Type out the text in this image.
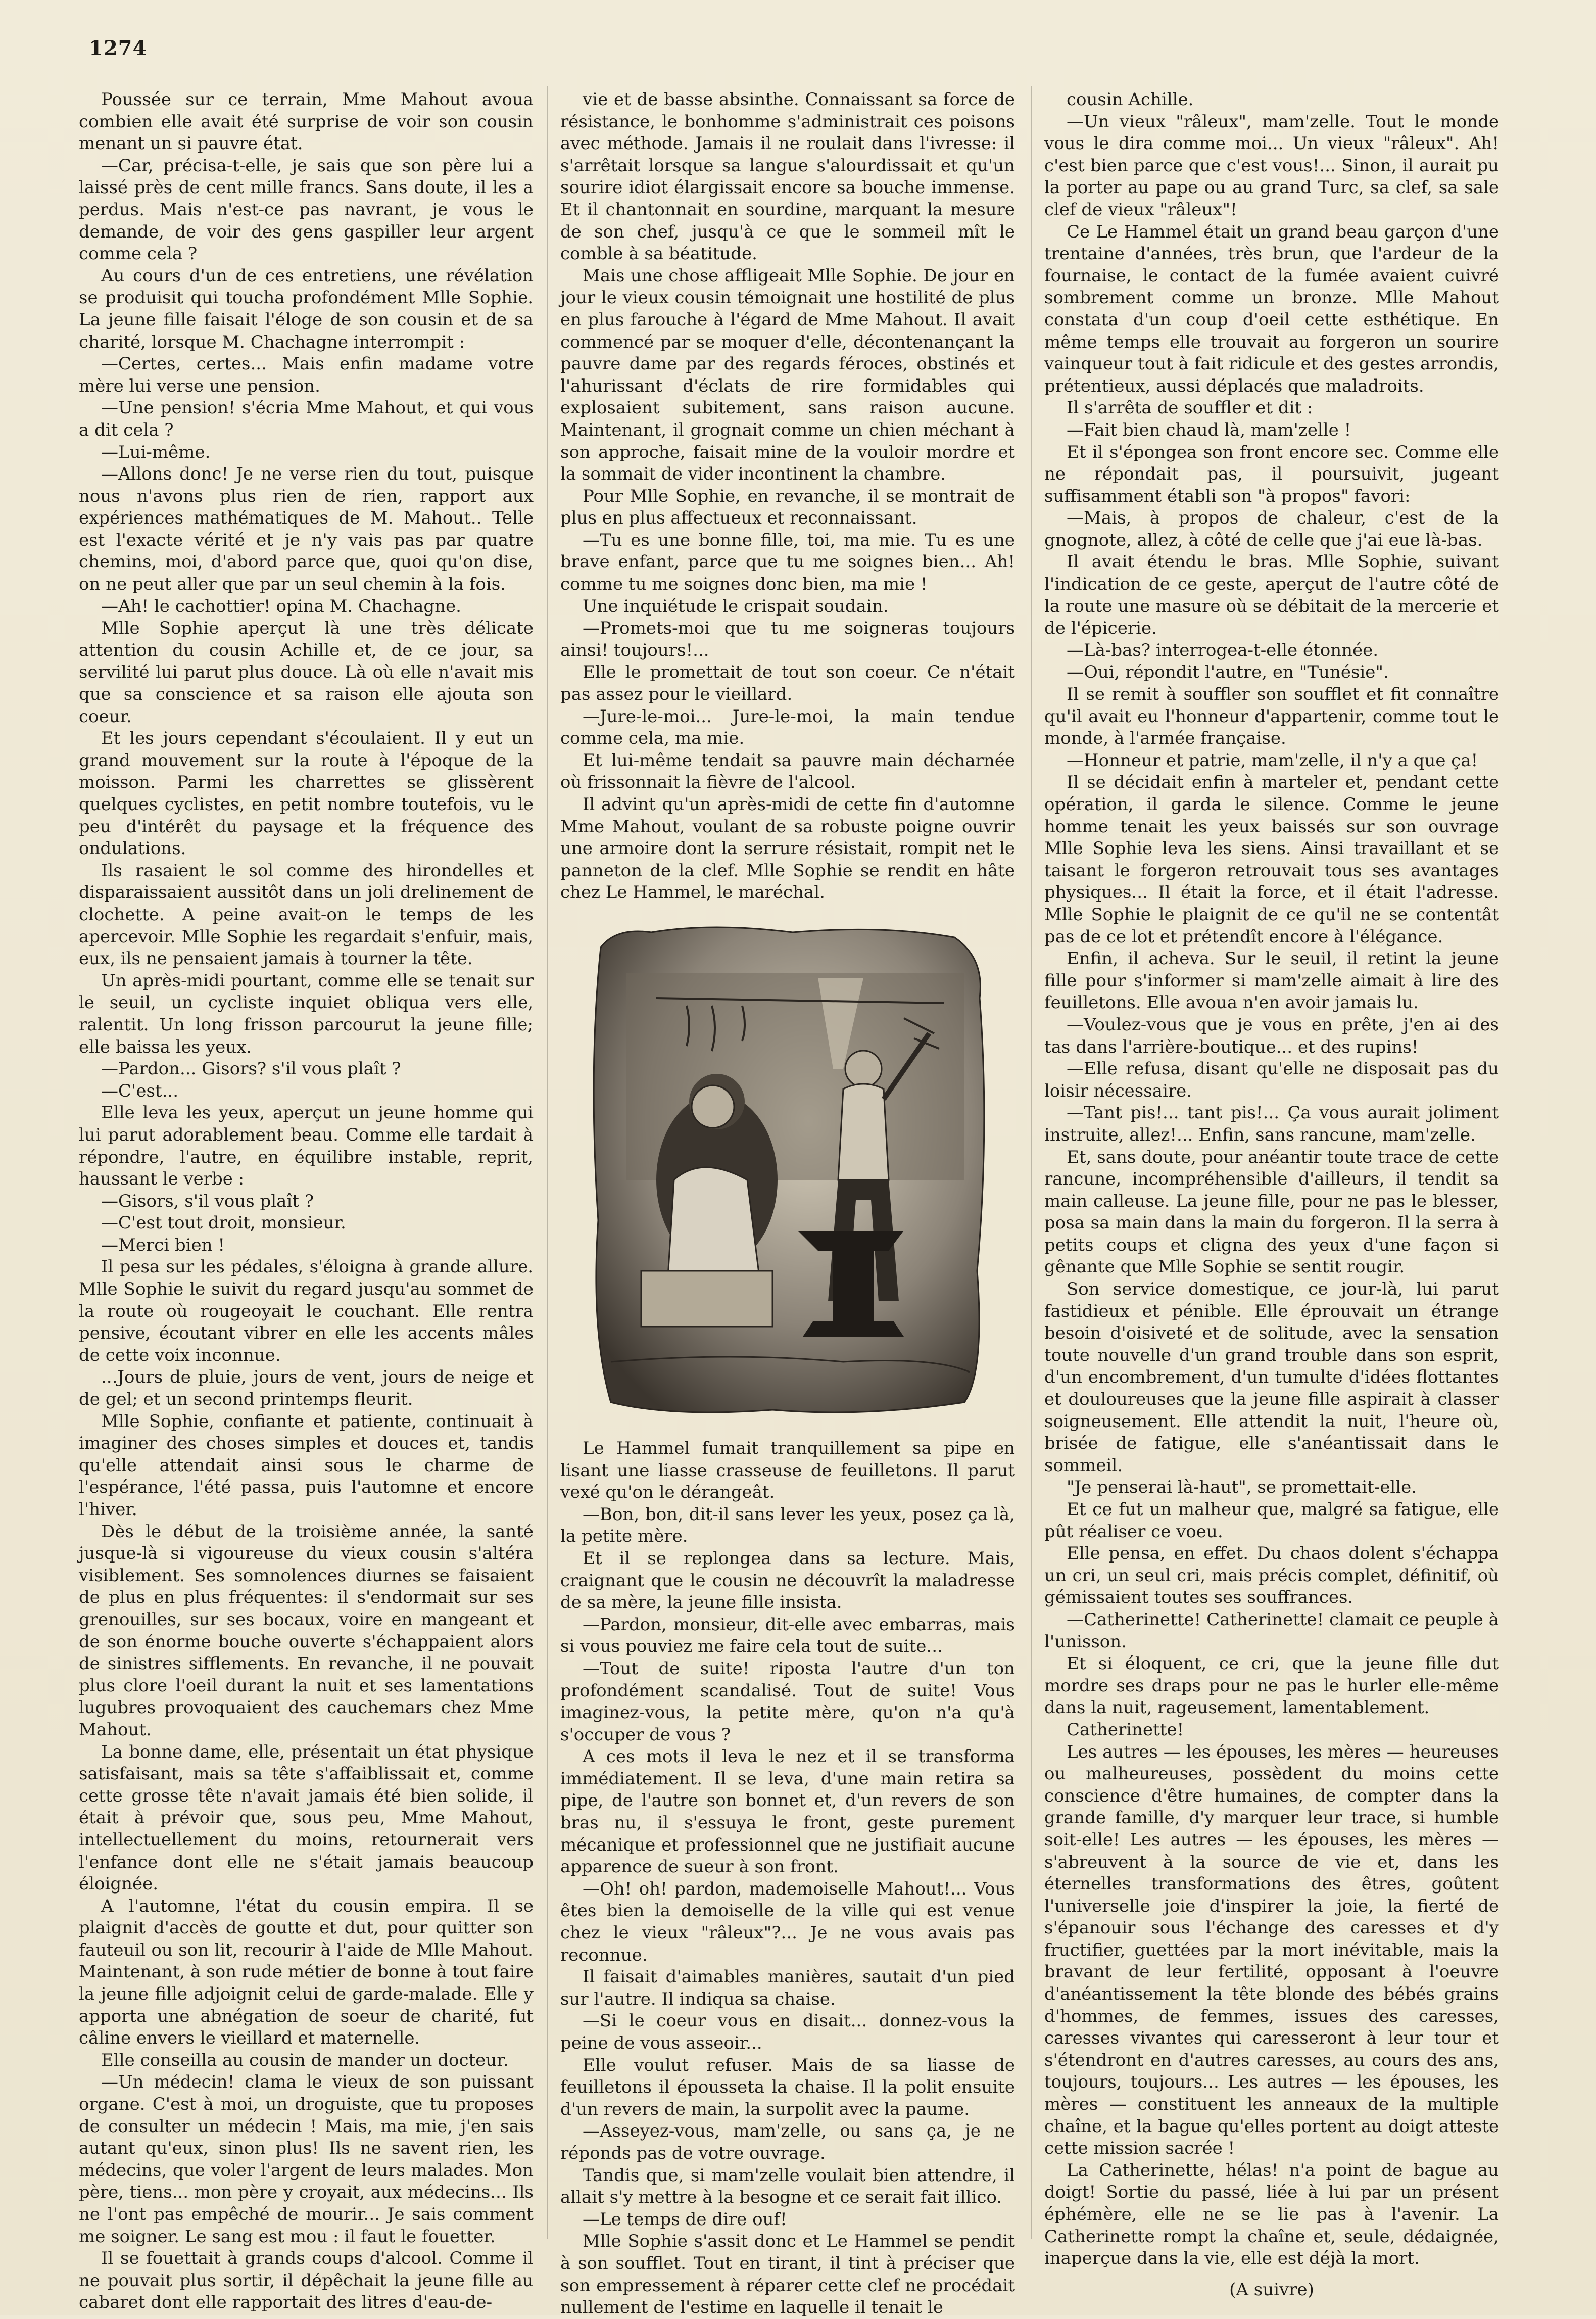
1274

Poussée sur ce terrain, Mme Mahout avoua combien elle avait été surprise de voir son cousin menant un si pauvre état.

—Car, précisa-t-elle, je sais que son père lui a laissé près de cent mille francs. Sans doute, il les a perdus. Mais n'est-ce pas navrant, je vous le demande, de voir des gens gaspiller leur argent comme cela ?

Au cours d'un de ces entretiens, une révélation se produisit qui toucha profondément Mlle Sophie. La jeune fille faisait l'éloge de son cousin et de sa charité, lorsque M. Chachagne interrompit :

—Certes, certes... Mais enfin madame votre mère lui verse une pension.

—Une pension! s'écria Mme Mahout, et qui vous a dit cela ?

—Lui-même.

—Allons donc! Je ne verse rien du tout, puisque nous n'avons plus rien de rien, rapport aux expériences mathématiques de M. Mahout.. Telle est l'exacte vérité et je n'y vais pas par quatre chemins, moi, d'abord parce que, quoi qu'on dise, on ne peut aller que par un seul chemin à la fois.

—Ah! le cachottier! opina M. Chachagne.

Mlle Sophie aperçut là une très délicate attention du cousin Achille et, de ce jour, sa servilité lui parut plus douce. Là où elle n'avait mis que sa conscience et sa raison elle ajouta son coeur.

Et les jours cependant s'écoulaient. Il y eut un grand mouvement sur la route à l'époque de la moisson. Parmi les charrettes se glissèrent quelques cyclistes, en petit nombre toutefois, vu le peu d'intérêt du paysage et la fréquence des ondulations.

Ils rasaient le sol comme des hirondelles et disparaissaient aussitôt dans un joli drelinement de clochette. A peine avait-on le temps de les apercevoir. Mlle Sophie les regardait s'enfuir, mais, eux, ils ne pensaient jamais à tourner la tête.

Un après-midi pourtant, comme elle se tenait sur le seuil, un cycliste inquiet obliqua vers elle, ralentit. Un long frisson parcourut la jeune fille; elle baissa les yeux.

—Pardon... Gisors? s'il vous plaît ?

—C'est...

Elle leva les yeux, aperçut un jeune homme qui lui parut adorablement beau. Comme elle tardait à répondre, l'autre, en équilibre instable, reprit, haussant le verbe :

—Gisors, s'il vous plaît ?

—C'est tout droit, monsieur.

—Merci bien !

Il pesa sur les pédales, s'éloigna à grande allure. Mlle Sophie le suivit du regard jusqu'au sommet de la route où rougeoyait le couchant. Elle rentra pensive, écoutant vibrer en elle les accents mâles de cette voix inconnue.

...Jours de pluie, jours de vent, jours de neige et de gel; et un second printemps fleurit.

Mlle Sophie, confiante et patiente, continuait à imaginer des choses simples et douces et, tandis qu'elle attendait ainsi sous le charme de l'espérance, l'été passa, puis l'automne et encore l'hiver.

Dès le début de la troisième année, la santé jusque-là si vigoureuse du vieux cousin s'altéra visiblement. Ses somnolences diurnes se faisaient de plus en plus fréquentes: il s'endormait sur ses grenouilles, sur ses bocaux, voire en mangeant et de son énorme bouche ouverte s'échappaient alors de sinistres sifflements. En revanche, il ne pouvait plus clore l'oeil durant la nuit et ses lamentations lugubres provoquaient des cauchemars chez Mme Mahout.

La bonne dame, elle, présentait un état physique satisfaisant, mais sa tête s'affaiblissait et, comme cette grosse tête n'avait jamais été bien solide, il était à prévoir que, sous peu, Mme Mahout, intellectuellement du moins, retournerait vers l'enfance dont elle ne s'était jamais beaucoup éloignée.

A l'automne, l'état du cousin empira. Il se plaignit d'accès de goutte et dut, pour quitter son fauteuil ou son lit, recourir à l'aide de Mlle Mahout. Maintenant, à son rude métier de bonne à tout faire la jeune fille adjoignit celui de garde-malade. Elle y apporta une abnégation de soeur de charité, fut câline envers le vieillard et maternelle.

Elle conseilla au cousin de mander un docteur.

—Un médecin! clama le vieux de son puissant organe. C'est à moi, un droguiste, que tu proposes de consulter un médecin ! Mais, ma mie, j'en sais autant qu'eux, sinon plus! Ils ne savent rien, les médecins, que voler l'argent de leurs malades. Mon père, tiens... mon père y croyait, aux médecins... Ils ne l'ont pas empêché de mourir... Je sais comment me soigner. Le sang est mou : il faut le fouetter.

Il se fouettait à grands coups d'alcool. Comme il ne pouvait plus sortir, il dépêchait la jeune fille au cabaret dont elle rapportait des litres d'eau-de-

vie et de basse absinthe. Connaissant sa force de résistance, le bonhomme s'administrait ces poisons avec méthode. Jamais il ne roulait dans l'ivresse: il s'arrêtait lorsque sa langue s'alourdissait et qu'un sourire idiot élargissait encore sa bouche immense. Et il chantonnait en sourdine, marquant la mesure de son chef, jusqu'à ce que le sommeil mît le comble à sa béatitude.

Mais une chose affligeait Mlle Sophie. De jour en jour le vieux cousin témoignait une hostilité de plus en plus farouche à l'égard de Mme Mahout. Il avait commencé par se moquer d'elle, décontenançant la pauvre dame par des regards féroces, obstinés et l'ahurissant d'éclats de rire formidables qui explosaient subitement, sans raison aucune. Maintenant, il grognait comme un chien méchant à son approche, faisait mine de la vouloir mordre et la sommait de vider incontinent la chambre.

Pour Mlle Sophie, en revanche, il se montrait de plus en plus affectueux et reconnaissant.

—Tu es une bonne fille, toi, ma mie. Tu es une brave enfant, parce que tu me soignes bien... Ah! comme tu me soignes donc bien, ma mie !

Une inquiétude le crispait soudain.

—Promets-moi que tu me soigneras toujours ainsi! toujours!...

Elle le promettait de tout son coeur. Ce n'était pas assez pour le vieillard.

—Jure-le-moi... Jure-le-moi, la main tendue comme cela, ma mie.

Et lui-même tendait sa pauvre main décharnée où frissonnait la fièvre de l'alcool.

Il advint qu'un après-midi de cette fin d'automne Mme Mahout, voulant de sa robuste poigne ouvrir une armoire dont la serrure résistait, rompit net le panneton de la clef. Mlle Sophie se rendit en hâte chez Le Hammel, le maréchal.

Le Hammel fumait tranquillement sa pipe en lisant une liasse crasseuse de feuilletons. Il parut vexé qu'on le dérangeât.

—Bon, bon, dit-il sans lever les yeux, posez ça là, la petite mère.

Et il se replongea dans sa lecture. Mais, craignant que le cousin ne découvrît la maladresse de sa mère, la jeune fille insista.

—Pardon, monsieur, dit-elle avec embarras, mais si vous pouviez me faire cela tout de suite...

—Tout de suite! riposta l'autre d'un ton profondément scandalisé. Tout de suite! Vous imaginez-vous, la petite mère, qu'on n'a qu'à s'occuper de vous ?

A ces mots il leva le nez et il se transforma immédiatement. Il se leva, d'une main retira sa pipe, de l'autre son bonnet et, d'un revers de son bras nu, il s'essuya le front, geste purement mécanique et professionnel que ne justifiait aucune apparence de sueur à son front.

—Oh! oh! pardon, mademoiselle Mahout!... Vous êtes bien la demoiselle de la ville qui est venue chez le vieux "râleux"?... Je ne vous avais pas reconnue.

Il faisait d'aimables manières, sautait d'un pied sur l'autre. Il indiqua sa chaise.

—Si le coeur vous en disait... donnez-vous la peine de vous asseoir...

Elle voulut refuser. Mais de sa liasse de feuilletons il épousseta la chaise. Il la polit ensuite d'un revers de main, la surpolit avec la paume.

—Asseyez-vous, mam'zelle, ou sans ça, je ne réponds pas de votre ouvrage.

Tandis que, si mam'zelle voulait bien attendre, il allait s'y mettre à la besogne et ce serait fait illico.

—Le temps de dire ouf!

Mlle Sophie s'assit donc et Le Hammel se pendit à son soufflet. Tout en tirant, il tint à préciser que son empressement à réparer cette clef ne procédait nullement de l'estime en laquelle il tenait le

cousin Achille.

—Un vieux "râleux", mam'zelle. Tout le monde vous le dira comme moi... Un vieux "râleux". Ah! c'est bien parce que c'est vous!... Sinon, il aurait pu la porter au pape ou au grand Turc, sa clef, sa sale clef de vieux "râleux"!

Ce Le Hammel était un grand beau garçon d'une trentaine d'années, très brun, que l'ardeur de la fournaise, le contact de la fumée avaient cuivré sombrement comme un bronze. Mlle Mahout constata d'un coup d'oeil cette esthétique. En même temps elle trouvait au forgeron un sourire vainqueur tout à fait ridicule et des gestes arrondis, prétentieux, aussi déplacés que maladroits.

Il s'arrêta de souffler et dit :

—Fait bien chaud là, mam'zelle !

Et il s'épongea son front encore sec. Comme elle ne répondait pas, il poursuivit, jugeant suffisamment établi son "à propos" favori:

—Mais, à propos de chaleur, c'est de la gnognote, allez, à côté de celle que j'ai eue là-bas.

Il avait étendu le bras. Mlle Sophie, suivant l'indication de ce geste, aperçut de l'autre côté de la route une masure où se débitait de la mercerie et de l'épicerie.

—Là-bas? interrogea-t-elle étonnée.

—Oui, répondit l'autre, en "Tunésie".

Il se remit à souffler son soufflet et fit connaître qu'il avait eu l'honneur d'appartenir, comme tout le monde, à l'armée française.

—Honneur et patrie, mam'zelle, il n'y a que ça!

Il se décidait enfin à marteler et, pendant cette opération, il garda le silence. Comme le jeune homme tenait les yeux baissés sur son ouvrage Mlle Sophie leva les siens. Ainsi travaillant et se taisant le forgeron retrouvait tous ses avantages physiques... Il était la force, et il était l'adresse. Mlle Sophie le plaignit de ce qu'il ne se contentât pas de ce lot et prétendît encore à l'élégance.

Enfin, il acheva. Sur le seuil, il retint la jeune fille pour s'informer si mam'zelle aimait à lire des feuilletons. Elle avoua n'en avoir jamais lu.

—Voulez-vous que je vous en prête, j'en ai des tas dans l'arrière-boutique... et des rupins!

—Elle refusa, disant qu'elle ne disposait pas du loisir nécessaire.

—Tant pis!... tant pis!... Ça vous aurait joliment instruite, allez!... Enfin, sans rancune, mam'zelle.

Et, sans doute, pour anéantir toute trace de cette rancune, incompréhensible d'ailleurs, il tendit sa main calleuse. La jeune fille, pour ne pas le blesser, posa sa main dans la main du forgeron. Il la serra à petits coups et cligna des yeux d'une façon si gênante que Mlle Sophie se sentit rougir.

Son service domestique, ce jour-là, lui parut fastidieux et pénible. Elle éprouvait un étrange besoin d'oisiveté et de solitude, avec la sensation toute nouvelle d'un grand trouble dans son esprit, d'un encombrement, d'un tumulte d'idées flottantes et douloureuses que la jeune fille aspirait à classer soigneusement. Elle attendit la nuit, l'heure où, brisée de fatigue, elle s'anéantissait dans le sommeil.

"Je penserai là-haut", se promettait-elle.

Et ce fut un malheur que, malgré sa fatigue, elle pût réaliser ce voeu.

Elle pensa, en effet. Du chaos dolent s'échappa un cri, un seul cri, mais précis complet, définitif, où gémissaient toutes ses souffrances.

—Catherinette! Catherinette! clamait ce peuple à l'unisson.

Et si éloquent, ce cri, que la jeune fille dut mordre ses draps pour ne pas le hurler elle-même dans la nuit, rageusement, lamentablement.

Catherinette!

Les autres — les épouses, les mères — heureuses ou malheureuses, possèdent du moins cette conscience d'être humaines, de compter dans la grande famille, d'y marquer leur trace, si humble soit-elle! Les autres — les épouses, les mères — s'abreuvent à la source de vie et, dans les éternelles transformations des êtres, goûtent l'universelle joie d'inspirer la joie, la fierté de s'épanouir sous l'échange des caresses et d'y fructifier, guettées par la mort inévitable, mais la bravant de leur fertilité, opposant à l'oeuvre d'anéantissement la tête blonde des bébés grains d'hommes, de femmes, issues des caresses, caresses vivantes qui caresseront à leur tour et s'étendront en d'autres caresses, au cours des ans, toujours, toujours... Les autres — les épouses, les mères — constituent les anneaux de la multiple chaîne, et la bague qu'elles portent au doigt atteste cette mission sacrée !

La Catherinette, hélas! n'a point de bague au doigt! Sortie du passé, liée à lui par un présent éphémère, elle ne se lie pas à l'avenir. La Catherinette rompt la chaîne et, seule, dédaignée, inaperçue dans la vie, elle est déjà la mort.

(A suivre)
